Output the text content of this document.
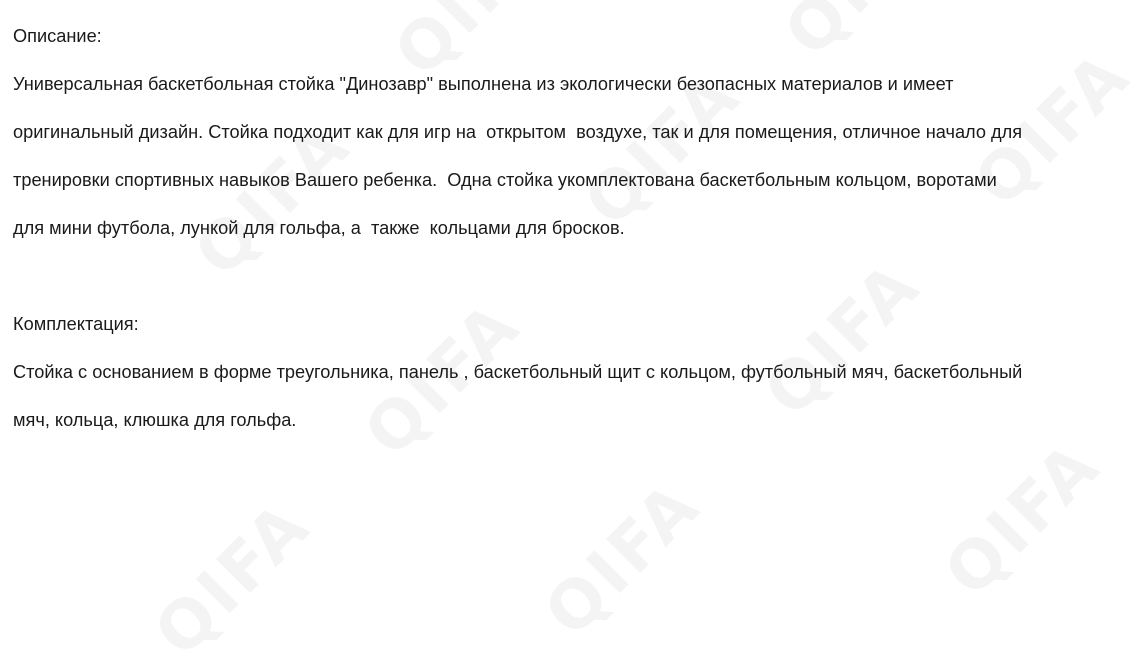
Описание:
Универсальная баскетбольная стойка "Динозавр" выполнена из экологически безопасных материалов и имеет
оригинальный дизайн. Стойка подходит как для игр на  открытом  воздухе, так и для помещения, отличное начало для
тренировки спортивных навыков Вашего ребенка.  Одна стойка укомплектована баскетбольным кольцом, воротами
для мини футбола, лункой для гольфа, а  также  кольцами для бросков.
Комплектация:
Стойка с основанием в форме треугольника, панель , баскетбольный щит с кольцом, футбольный мяч, баскетбольный
мяч, кольца, клюшка для гольфа.
